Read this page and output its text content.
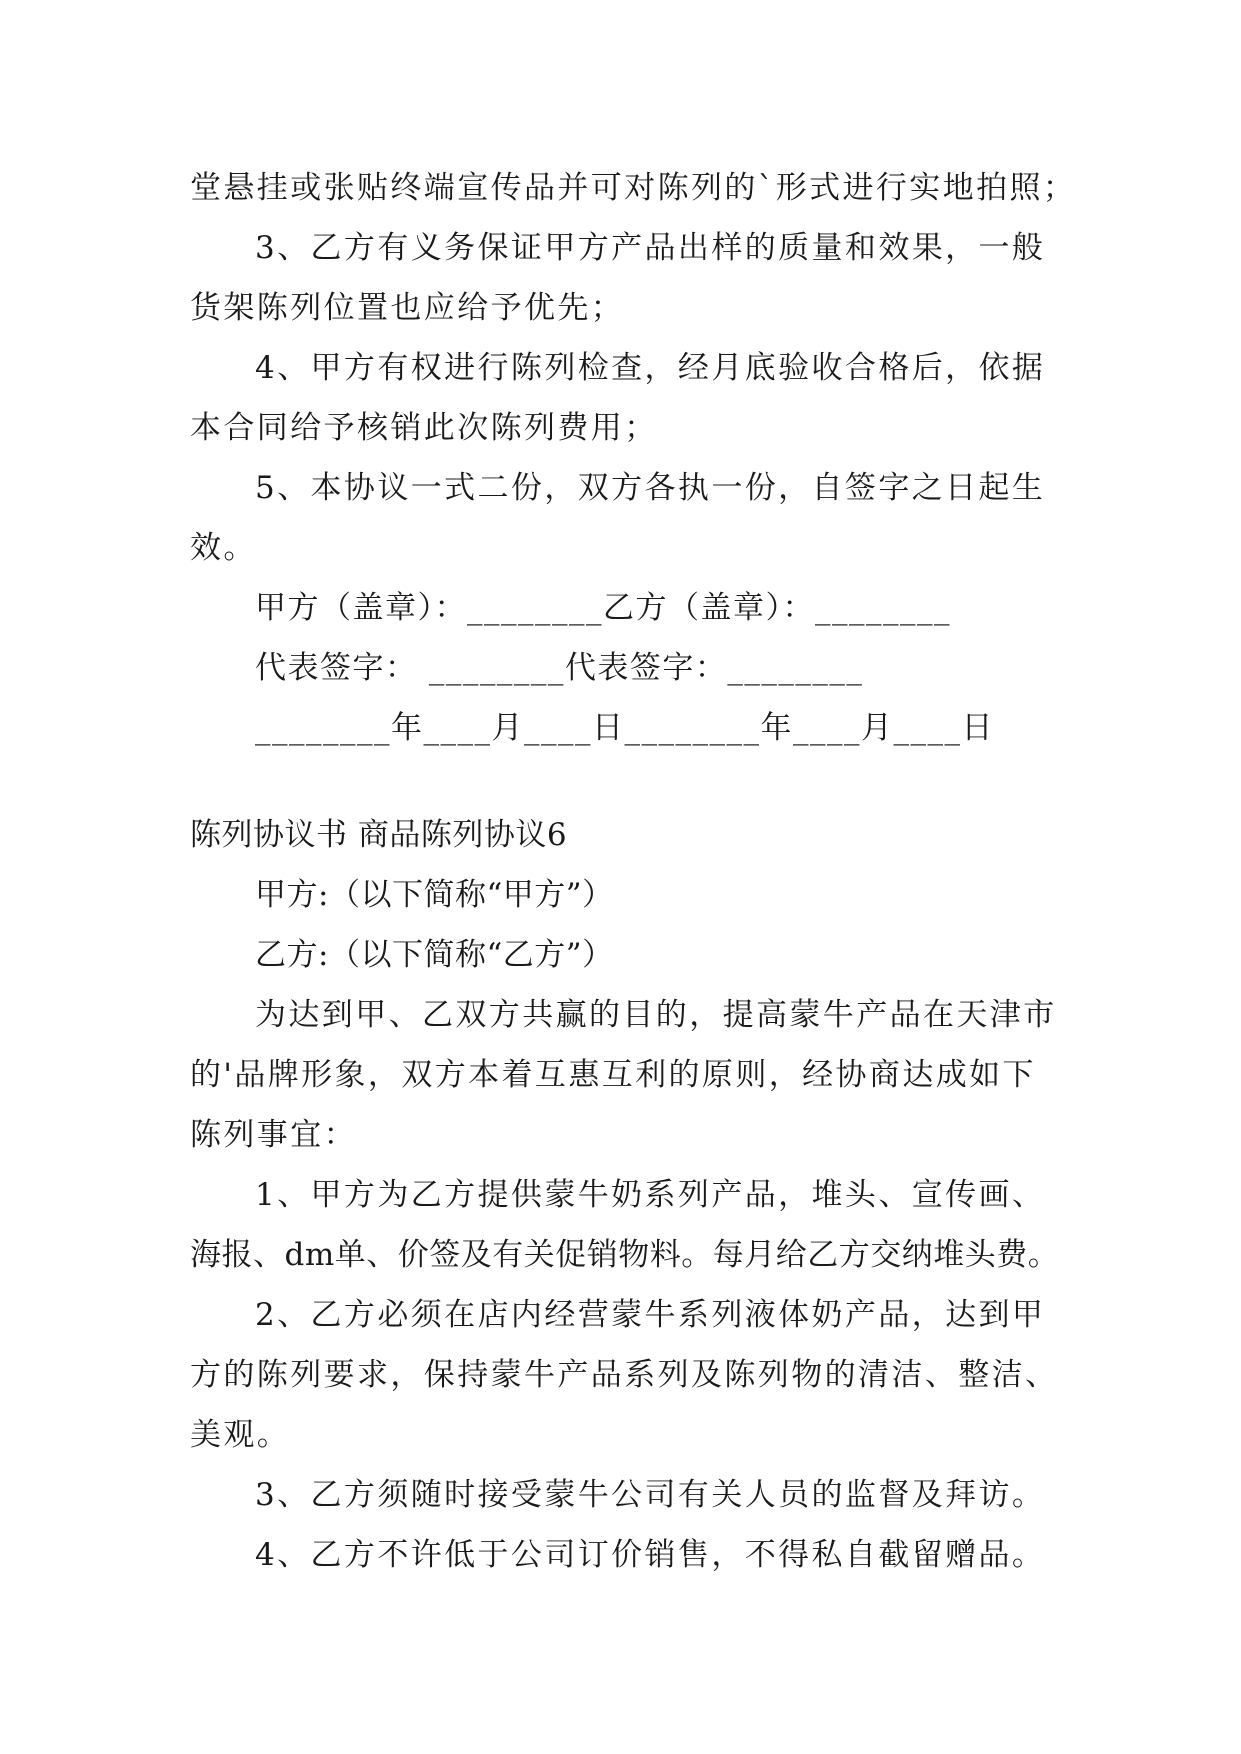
堂悬挂或张贴终端宣传品并可对陈列的`形式进行实地拍照；
3、乙方有义务保证甲方产品出样的质量和效果，一般
货架陈列位置也应给予优先；
4、甲方有权进行陈列检查，经月底验收合格后，依据
本合同给予核销此次陈列费用；
5、本协议一式二份，双方各执一份，自签字之日起生
效。
甲方（盖章）：________乙方（盖章）：________
代表签字： ________代表签字：________
________年____月____日________年____月____日
陈列协议书 商品陈列协议6
甲方:（以下简称“甲方”）
乙方:（以下简称“乙方”）
为达到甲、乙双方共赢的目的，提高蒙牛产品在天津市
的'品牌形象，双方本着互惠互利的原则，经协商达成如下
陈列事宜：
1、甲方为乙方提供蒙牛奶系列产品，堆头、宣传画、
海报、dm单、价签及有关促销物料。每月给乙方交纳堆头费。
2、乙方必须在店内经营蒙牛系列液体奶产品，达到甲
方的陈列要求，保持蒙牛产品系列及陈列物的清洁、整洁、
美观。
3、乙方须随时接受蒙牛公司有关人员的监督及拜访。
4、乙方不许低于公司订价销售，不得私自截留赠品。
